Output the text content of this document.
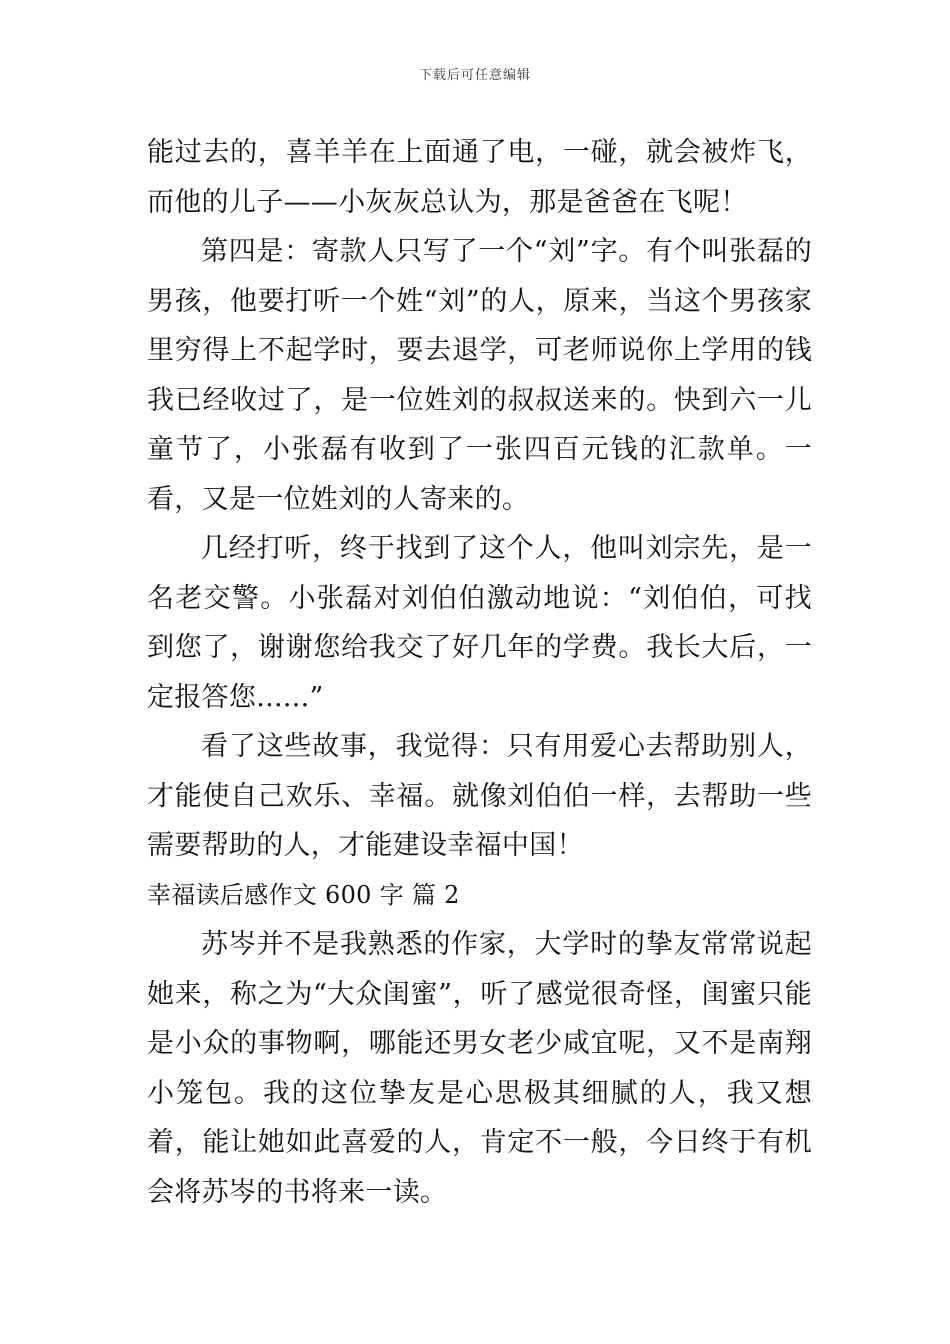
下载后可任意编辑

能过去的，喜羊羊在上面通了电，一碰，就会被炸飞，而他的儿子——小灰灰总认为，那是爸爸在飞呢！

第四是：寄款人只写了一个“刘”字。有个叫张磊的男孩，他要打听一个姓“刘”的人，原来，当这个男孩家里穷得上不起学时，要去退学，可老师说你上学用的钱我已经收过了，是一位姓刘的叔叔送来的。快到六一儿童节了，小张磊有收到了一张四百元钱的汇款单。一看，又是一位姓刘的人寄来的。

几经打听，终于找到了这个人，他叫刘宗先，是一名老交警。小张磊对刘伯伯激动地说：“刘伯伯，可找到您了，谢谢您给我交了好几年的学费。我长大后，一定报答您......”

看了这些故事，我觉得：只有用爱心去帮助别人，才能使自己欢乐、幸福。就像刘伯伯一样，去帮助一些需要帮助的人，才能建设幸福中国！

幸福读后感作文 600 字 篇 2

苏岑并不是我熟悉的作家，大学时的挚友常常说起她来，称之为“大众闺蜜”，听了感觉很奇怪，闺蜜只能是小众的事物啊，哪能还男女老少咸宜呢，又不是南翔小笼包。我的这位挚友是心思极其细腻的人，我又想着，能让她如此喜爱的人，肯定不一般，今日终于有机会将苏岑的书将来一读。
